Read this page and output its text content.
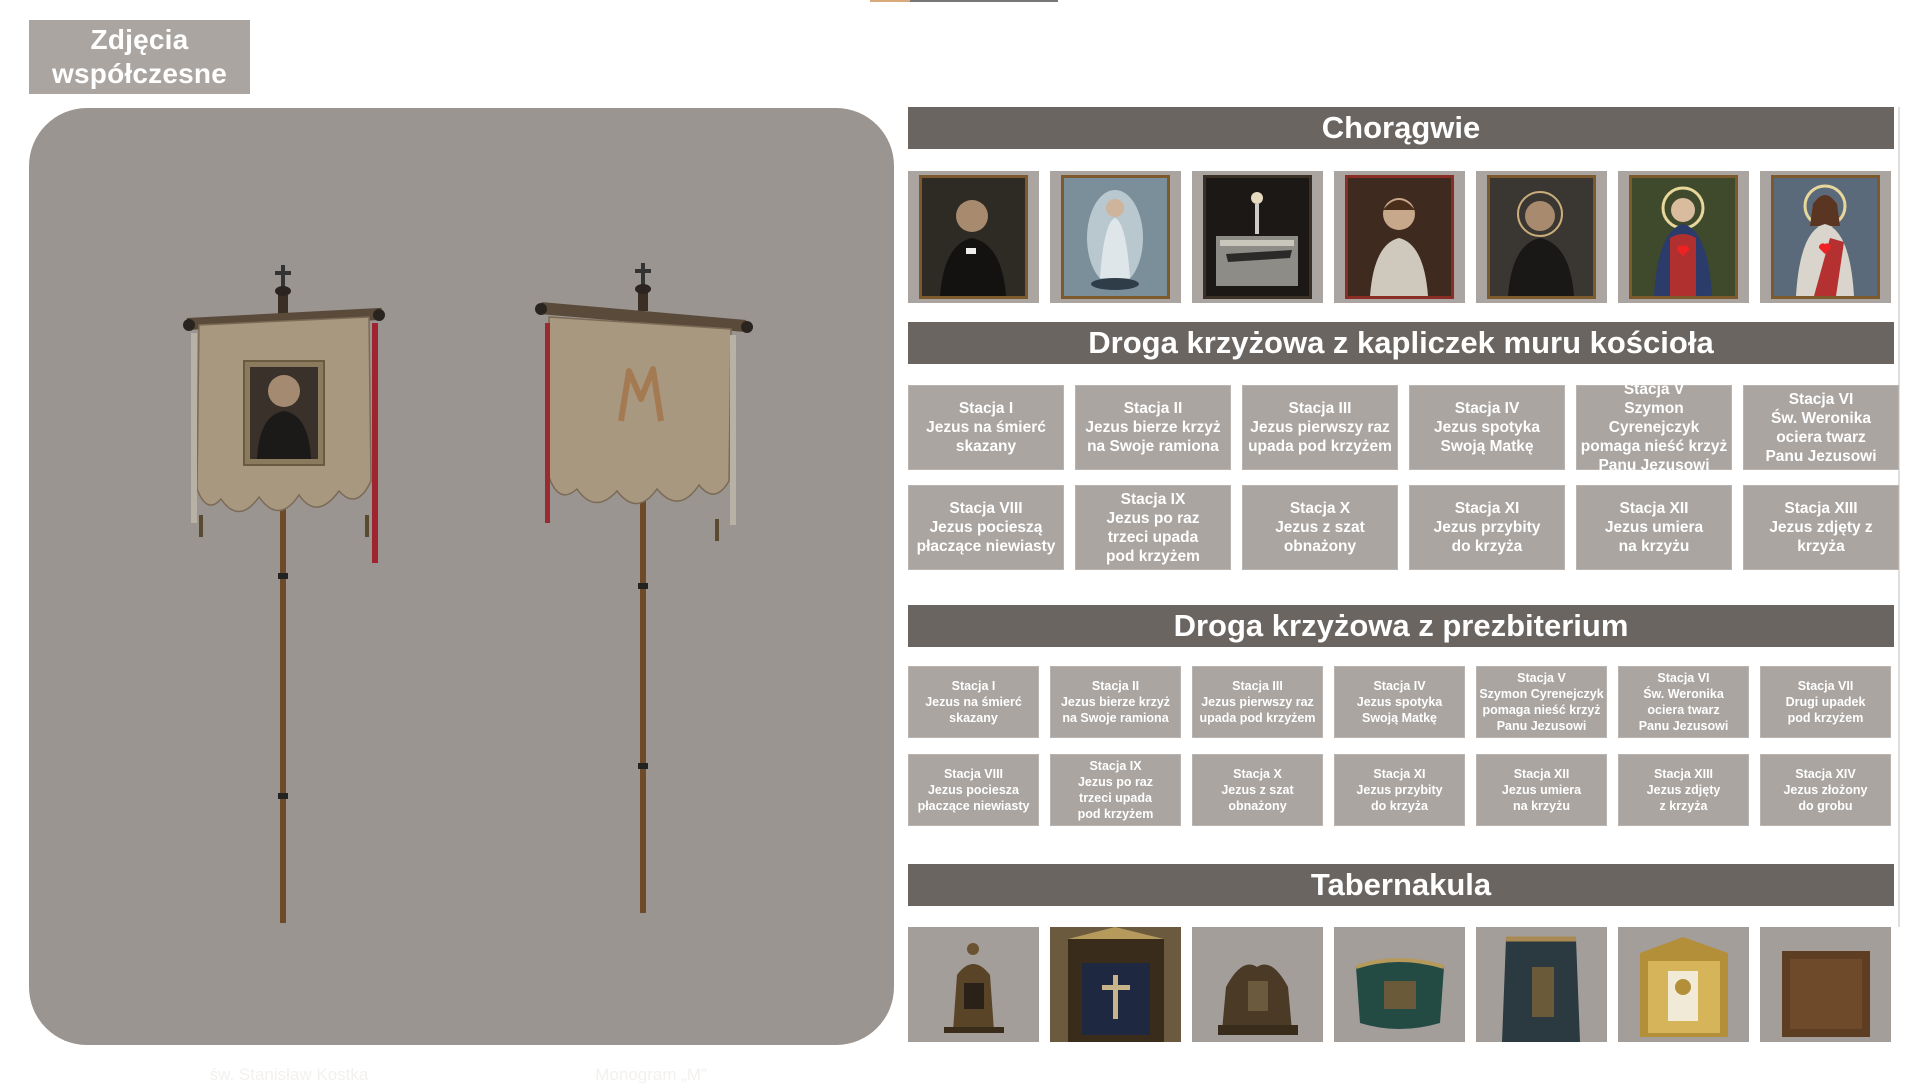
Zdjęcia
współczesne
św. Stanisław Kostka	Monogram „M”
Chorągwie
Droga krzyżowa z kapliczek muru kościoła
Stacja I
Jezus na śmierć
skazany
Stacja II
Jezus bierze krzyż
na Swoje ramiona
Stacja III
Jezus pierwszy raz
upada pod krzyżem
Stacja IV
Jezus spotyka
Swoją Matkę
Stacja V
Szymon Cyrenejczyk
pomaga nieść krzyż
Panu Jezusowi
Stacja VI
Św. Weronika
ociera twarz
Panu Jezusowi
Stacja VIII
Jezus pocieszą
płaczące niewiasty
Stacja IX
Jezus po raz
trzeci upada
pod krzyżem
Stacja X
Jezus z szat
obnażony
Stacja XI
Jezus przybity
do krzyża
Stacja XII
Jezus umiera
na krzyżu
Stacja XIII
Jezus zdjęty z krzyża
Droga krzyżowa z prezbiterium
Stacja I
Jezus na śmierć
skazany
Stacja II
Jezus bierze krzyż
na Swoje ramiona
Stacja III
Jezus pierwszy raz
upada pod krzyżem
Stacja IV
Jezus spotyka
Swoją Matkę
Stacja V
Szymon Cyrenejczyk
pomaga nieść krzyż
Panu Jezusowi
Stacja VI
Św. Weronika
ociera twarz
Panu Jezusowi
Stacja VII
Drugi upadek
pod krzyżem
Stacja VIII
Jezus pociesza
płaczące niewiasty
Stacja IX
Jezus po raz
trzeci upada
pod krzyżem
Stacja X
Jezus z szat
obnażony
Stacja XI
Jezus przybity
do krzyża
Stacja XII
Jezus umiera
na krzyżu
Stacja XIII
Jezus zdjęty
z krzyża
Stacja XIV
Jezus złożony
do grobu
Tabernakula
